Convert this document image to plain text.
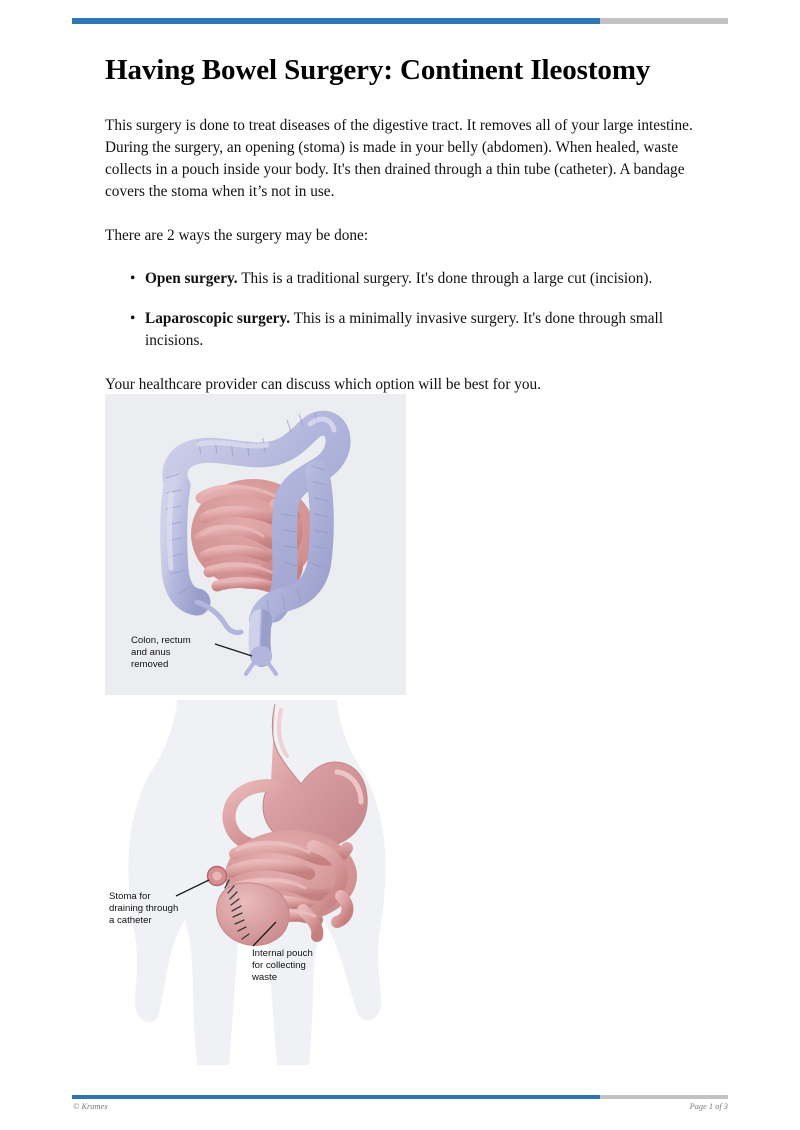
Having Bowel Surgery: Continent Ileostomy

This surgery is done to treat diseases of the digestive tract. It removes all of your large intestine. During the surgery, an opening (stoma) is made in your belly (abdomen). When healed, waste collects in a pouch inside your body. It's then drained through a thin tube (catheter). A bandage covers the stoma when it’s not in use.

There are 2 ways the surgery may be done:

• Open surgery. This is a traditional surgery. It's done through a large cut (incision).
• Laparoscopic surgery. This is a minimally invasive surgery. It's done through small incisions.

Your healthcare provider can discuss which option will be best for you.

Colon, rectum
and anus
removed
Stoma for
draining through
a catheter
Internal pouch
for collecting
waste
© Krames	Page 1 of 3
